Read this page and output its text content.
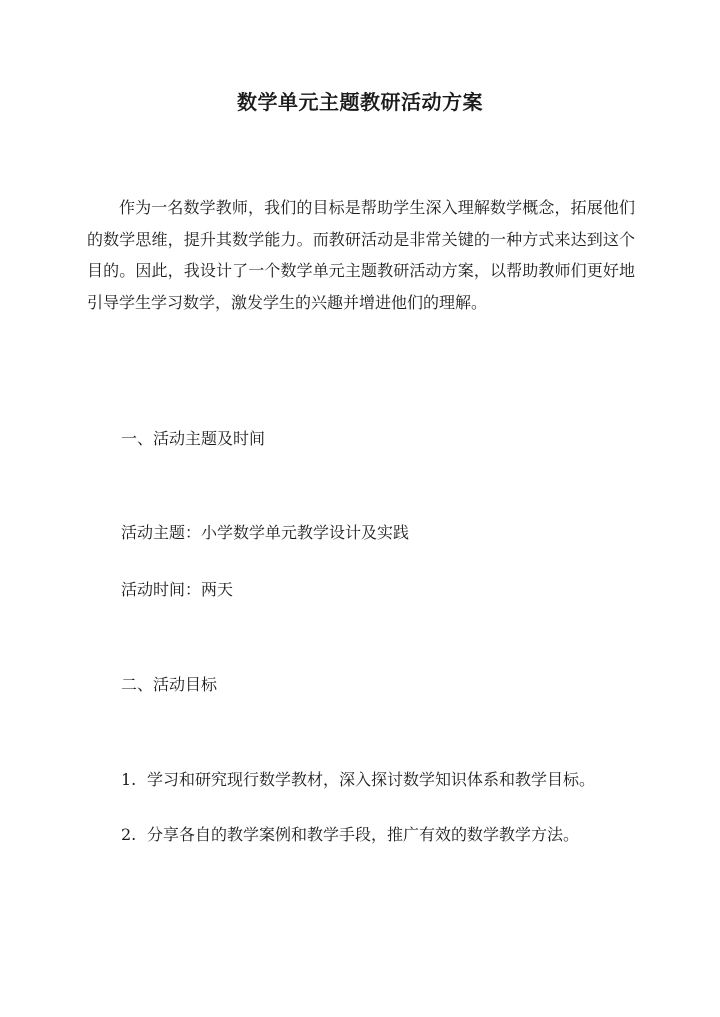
数学单元主题教研活动方案
作为一名数学教师，我们的目标是帮助学生深入理解数学概念，拓展他们的数学思维，提升其数学能力。而教研活动是非常关键的一种方式来达到这个目的。因此，我设计了一个数学单元主题教研活动方案，以帮助教师们更好地引导学生学习数学，激发学生的兴趣并增进他们的理解。
一、活动主题及时间
活动主题：小学数学单元教学设计及实践
活动时间：两天
二、活动目标
1. 学习和研究现行数学教材，深入探讨数学知识体系和教学目标。
2. 分享各自的教学案例和教学手段，推广有效的数学教学方法。
